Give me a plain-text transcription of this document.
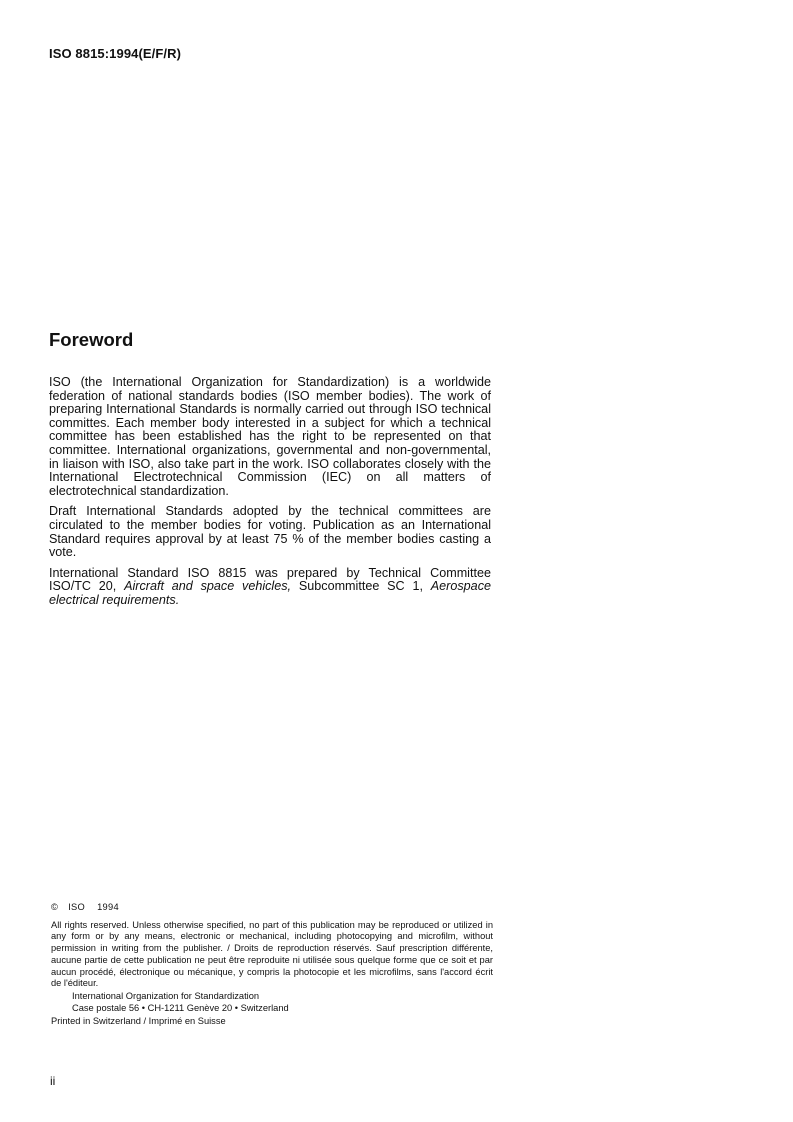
ISO 8815:1994(E/F/R)
Foreword

ISO (the International Organization for Standardization) is a worldwide federation of national standards bodies (ISO member bodies). The work of preparing International Standards is normally carried out through ISO technical committes. Each member body interested in a subject for which a technical committee has been established has the right to be represented on that committee. International organizations, governmental and non-governmental, in liaison with ISO, also take part in the work. ISO collaborates closely with the International Electrotechnical Commission (IEC) on all matters of electrotechnical standardization.

Draft International Standards adopted by the technical committees are circulated to the member bodies for voting. Publication as an International Standard requires approval by at least 75 % of the member bodies casting a vote.

International Standard ISO 8815 was prepared by Technical Committee ISO/TC 20, Aircraft and space vehicles, Subcommittee SC 1, Aerospace electrical requirements.

© ISO 1994

All rights reserved. Unless otherwise specified, no part of this publication may be reproduced or utilized in any form or by any means, electronic or mechanical, including photocopying and microfilm, without permission in writing from the publisher. / Droits de reproduction réservés. Sauf prescription différente, aucune partie de cette publication ne peut être reproduite ni utilisée sous quelque forme que ce soit et par aucun procédé, électronique ou mécanique, y compris la photocopie et les microfilms, sans l'accord écrit de l'éditeur.

International Organization for Standardization
Case postale 56 • CH-1211 Genève 20 • Switzerland
Printed in Switzerland / Imprimé en Suisse
ii
